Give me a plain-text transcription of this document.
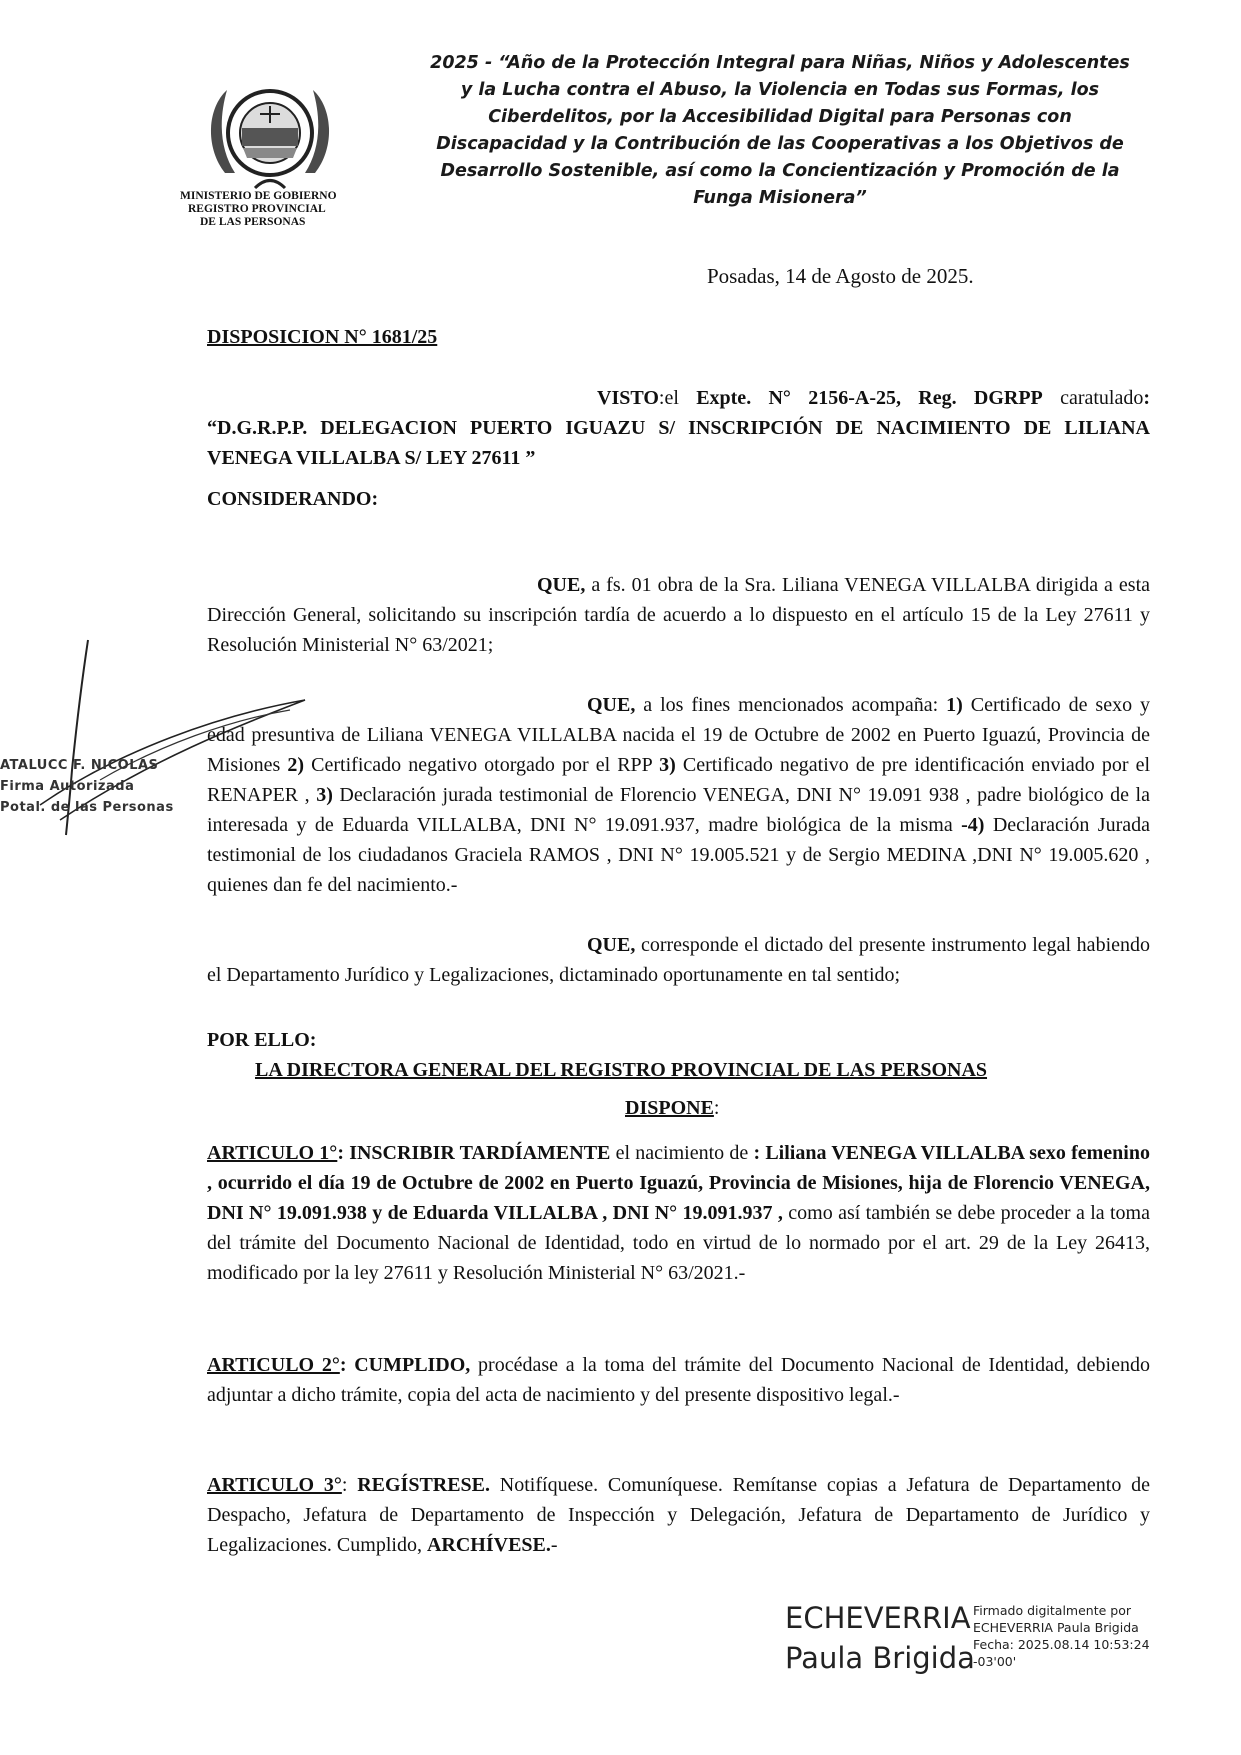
2025 - “Año de la Protección Integral para Niñas, Niños y Adolescentes y la Lucha contra el Abuso, la Violencia en Todas sus Formas, los Ciberdelitos, por la Accesibilidad Digital para Personas con Discapacidad y la Contribución de las Cooperativas a los Objetivos de Desarrollo Sostenible, así como la Concientización y Promoción de la Funga Misionera”
MINISTERIO DE GOBIERNO
REGISTRO PROVINCIAL
DE LAS PERSONAS
Posadas, 14 de Agosto de 2025.
DISPOSICION N° 1681/25
VISTO:el Expte. N° 2156-A-25, Reg. DGRPP caratulado: “D.G.R.P.P. DELEGACION PUERTO IGUAZU S/ INSCRIPCIÓN DE NACIMIENTO DE LILIANA VENEGA VILLALBA S/ LEY 27611 ”
CONSIDERANDO:
QUE, a fs. 01 obra de la Sra. Liliana VENEGA VILLALBA dirigida a esta Dirección General, solicitando su inscripción tardía de acuerdo a lo dispuesto en el artículo 15 de la Ley 27611 y Resolución Ministerial N° 63/2021;
QUE, a los fines mencionados acompaña: 1) Certificado de sexo y edad presuntiva de Liliana VENEGA VILLALBA nacida el 19 de Octubre de 2002 en Puerto Iguazú, Provincia de Misiones 2) Certificado negativo otorgado por el RPP 3) Certificado negativo de pre identificación enviado por el RENAPER , 3) Declaración jurada testimonial de Florencio VENEGA, DNI N° 19.091 938 , padre biológico de la interesada y de Eduarda VILLALBA, DNI N° 19.091.937, madre biológica de la misma -4) Declaración Jurada testimonial de los ciudadanos Graciela RAMOS , DNI N° 19.005.521 y de Sergio MEDINA ,DNI N° 19.005.620 , quienes dan fe del nacimiento.-
QUE, corresponde el dictado del presente instrumento legal habiendo el Departamento Jurídico y Legalizaciones, dictaminado oportunamente en tal sentido;
POR ELLO:
LA DIRECTORA GENERAL DEL REGISTRO PROVINCIAL DE LAS PERSONAS
DISPONE:
ARTICULO 1°: INSCRIBIR TARDÍAMENTE el nacimiento de : Liliana VENEGA VILLALBA sexo femenino , ocurrido el día 19 de Octubre de 2002 en Puerto Iguazú, Provincia de Misiones, hija de Florencio VENEGA, DNI N° 19.091.938 y de Eduarda VILLALBA , DNI N° 19.091.937 , como así también se debe proceder a la toma del trámite del Documento Nacional de Identidad, todo en virtud de lo normado por el art. 29 de la Ley 26413, modificado por la ley 27611 y Resolución Ministerial N° 63/2021.-
ARTICULO 2°: CUMPLIDO, procédase a la toma del trámite del Documento Nacional de Identidad, debiendo adjuntar a dicho trámite, copia del acta de nacimiento y del presente dispositivo legal.-
ARTICULO 3°: REGÍSTRESE. Notifíquese. Comuníquese. Remítanse copias a Jefatura de Departamento de Despacho, Jefatura de Departamento de Inspección y Delegación, Jefatura de Departamento de Jurídico y Legalizaciones. Cumplido, ARCHÍVESE.-
ATALUCC F. NICOLAS
Firma Autorizada
Potal. de las Personas
ECHEVERRIA
Paula Brigida
Firmado digitalmente por
ECHEVERRIA Paula Brigida
Fecha: 2025.08.14 10:53:24
-03'00'
